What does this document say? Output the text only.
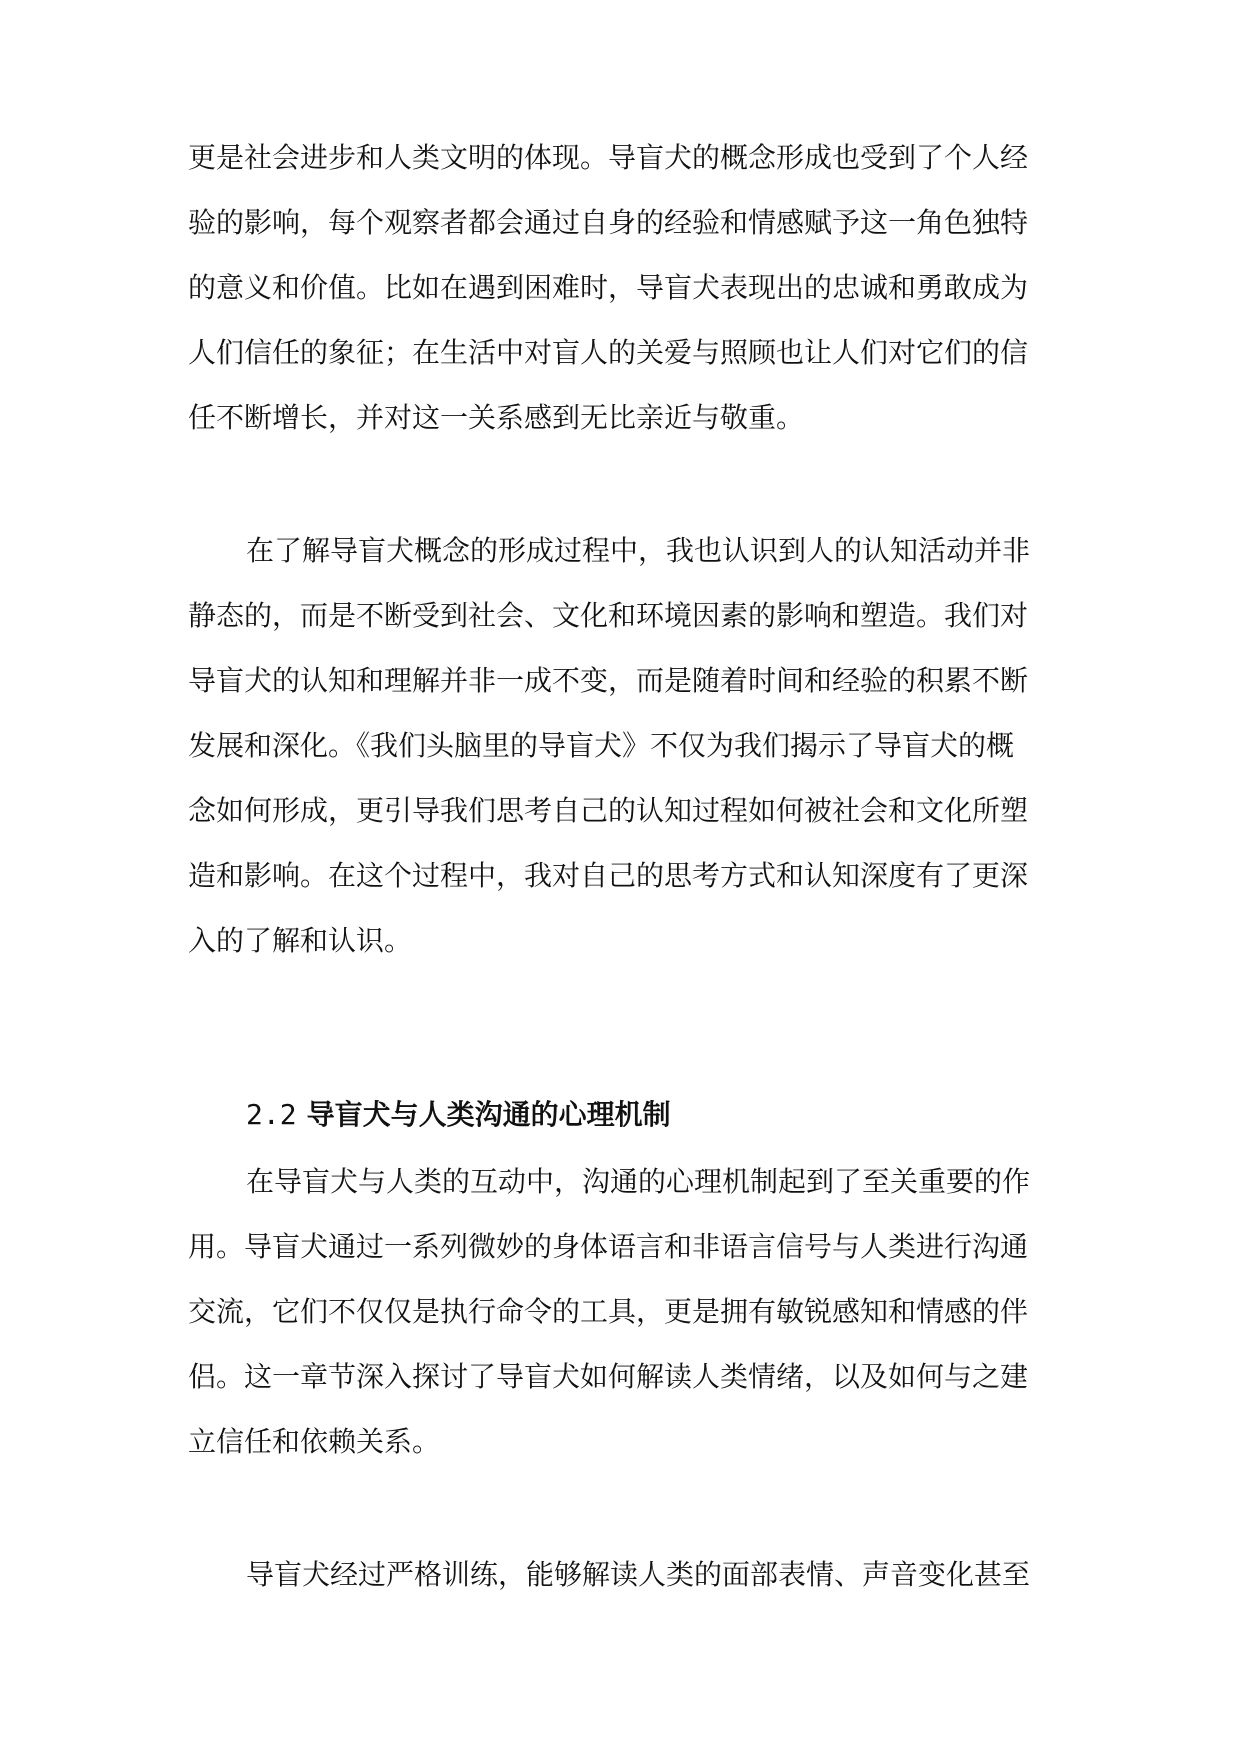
更是社会进步和人类文明的体现。导盲犬的概念形成也受到了个人经
验的影响，每个观察者都会通过自身的经验和情感赋予这一角色独特
的意义和价值。比如在遇到困难时，导盲犬表现出的忠诚和勇敢成为
人们信任的象征；在生活中对盲人的关爱与照顾也让人们对它们的信
任不断增长，并对这一关系感到无比亲近与敬重。
在了解导盲犬概念的形成过程中，我也认识到人的认知活动并非
静态的，而是不断受到社会、文化和环境因素的影响和塑造。我们对
导盲犬的认知和理解并非一成不变，而是随着时间和经验的积累不断
发展和深化。《我们头脑里的导盲犬》不仅为我们揭示了导盲犬的概
念如何形成，更引导我们思考自己的认知过程如何被社会和文化所塑
造和影响。在这个过程中，我对自己的思考方式和认知深度有了更深
入的了解和认识。
2.2 导盲犬与人类沟通的心理机制
在导盲犬与人类的互动中，沟通的心理机制起到了至关重要的作
用。导盲犬通过一系列微妙的身体语言和非语言信号与人类进行沟通
交流，它们不仅仅是执行命令的工具，更是拥有敏锐感知和情感的伴
侣。这一章节深入探讨了导盲犬如何解读人类情绪，以及如何与之建
立信任和依赖关系。
导盲犬经过严格训练，能够解读人类的面部表情、声音变化甚至
